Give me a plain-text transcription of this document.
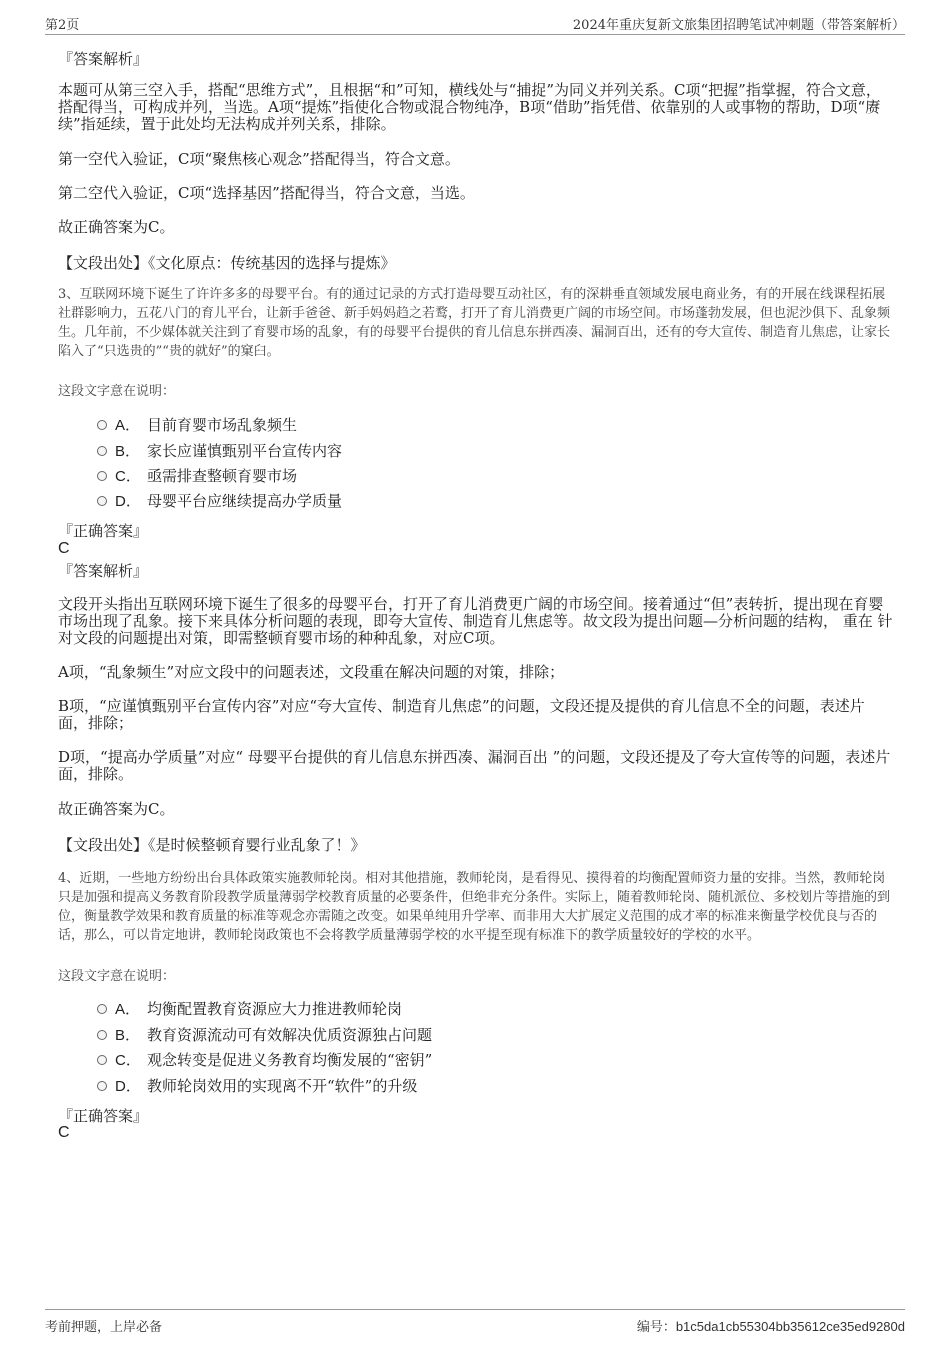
第2页	2024年重庆复新文旅集团招聘笔试冲刺题（带答案解析）
『答案解析』
本题可从第三空入手，搭配“思维方式”，且根据“和”可知，横线处与“捕捉”为同义并列关系。C项“把握”指掌握，符合文意，搭配得当，可构成并列，当选。A项“提炼”指使化合物或混合物纯净，B项“借助”指凭借、依靠别的人或事物的帮助，D项“赓续”指延续，置于此处均无法构成并列关系，排除。
第一空代入验证，C项“聚焦核心观念”搭配得当，符合文意。
第二空代入验证，C项“选择基因”搭配得当，符合文意，当选。
故正确答案为C。
【文段出处】《文化原点：传统基因的选择与提炼》
3、互联网环境下诞生了许许多多的母婴平台。有的通过记录的方式打造母婴互动社区，有的深耕垂直领域发展电商业务，有的开展在线课程拓展社群影响力，五花八门的育儿平台，让新手爸爸、新手妈妈趋之若鹜，打开了育儿消费更广阔的市场空间。市场蓬勃发展，但也泥沙俱下、乱象频生。几年前，不少媒体就关注到了育婴市场的乱象，有的母婴平台提供的育儿信息东拼西凑、漏洞百出，还有的夸大宣传、制造育儿焦虑，让家长陷入了“只选贵的”“贵的就好”的窠臼。
这段文字意在说明：
A． 目前育婴市场乱象频生
B． 家长应谨慎甄别平台宣传内容
C． 亟需排查整顿育婴市场
D． 母婴平台应继续提高办学质量
『正确答案』
C
『答案解析』
文段开头指出互联网环境下诞生了很多的母婴平台，打开了育儿消费更广阔的市场空间。接着通过“但”表转折，提出现在育婴市场出现了乱象。接下来具体分析问题的表现，即夸大宣传、制造育儿焦虑等。故文段为提出问题—分析问题的结构， 重在 针对文段的问题提出对策，即需整顿育婴市场的种种乱象，对应C项。
A项，“乱象频生”对应文段中的问题表述，文段重在解决问题的对策，排除；
B项，“应谨慎甄别平台宣传内容”对应“夸大宣传、制造育儿焦虑”的问题，文段还提及提供的育儿信息不全的问题，表述片面，排除；
D项，“提高办学质量”对应“ 母婴平台提供的育儿信息东拼西凑、漏洞百出 ”的问题，文段还提及了夸大宣传等的问题，表述片面，排除。
故正确答案为C。
【文段出处】《是时候整顿育婴行业乱象了！》
4、近期，一些地方纷纷出台具体政策实施教师轮岗。相对其他措施，教师轮岗，是看得见、摸得着的均衡配置师资力量的安排。当然，教师轮岗只是加强和提高义务教育阶段教学质量薄弱学校教育质量的必要条件，但绝非充分条件。实际上，随着教师轮岗、随机派位、多校划片等措施的到位，衡量教学效果和教育质量的标准等观念亦需随之改变。如果单纯用升学率、而非用大大扩展定义范围的成才率的标准来衡量学校优良与否的话，那么，可以肯定地讲，教师轮岗政策也不会将教学质量薄弱学校的水平提至现有标准下的教学质量较好的学校的水平。
这段文字意在说明：
A． 均衡配置教育资源应大力推进教师轮岗
B． 教育资源流动可有效解决优质资源独占问题
C． 观念转变是促进义务教育均衡发展的“密钥”
D． 教师轮岗效用的实现离不开“软件”的升级
『正确答案』
C
考前押题，上岸必备	编号：b1c5da1cb55304bb35612ce35ed9280d
